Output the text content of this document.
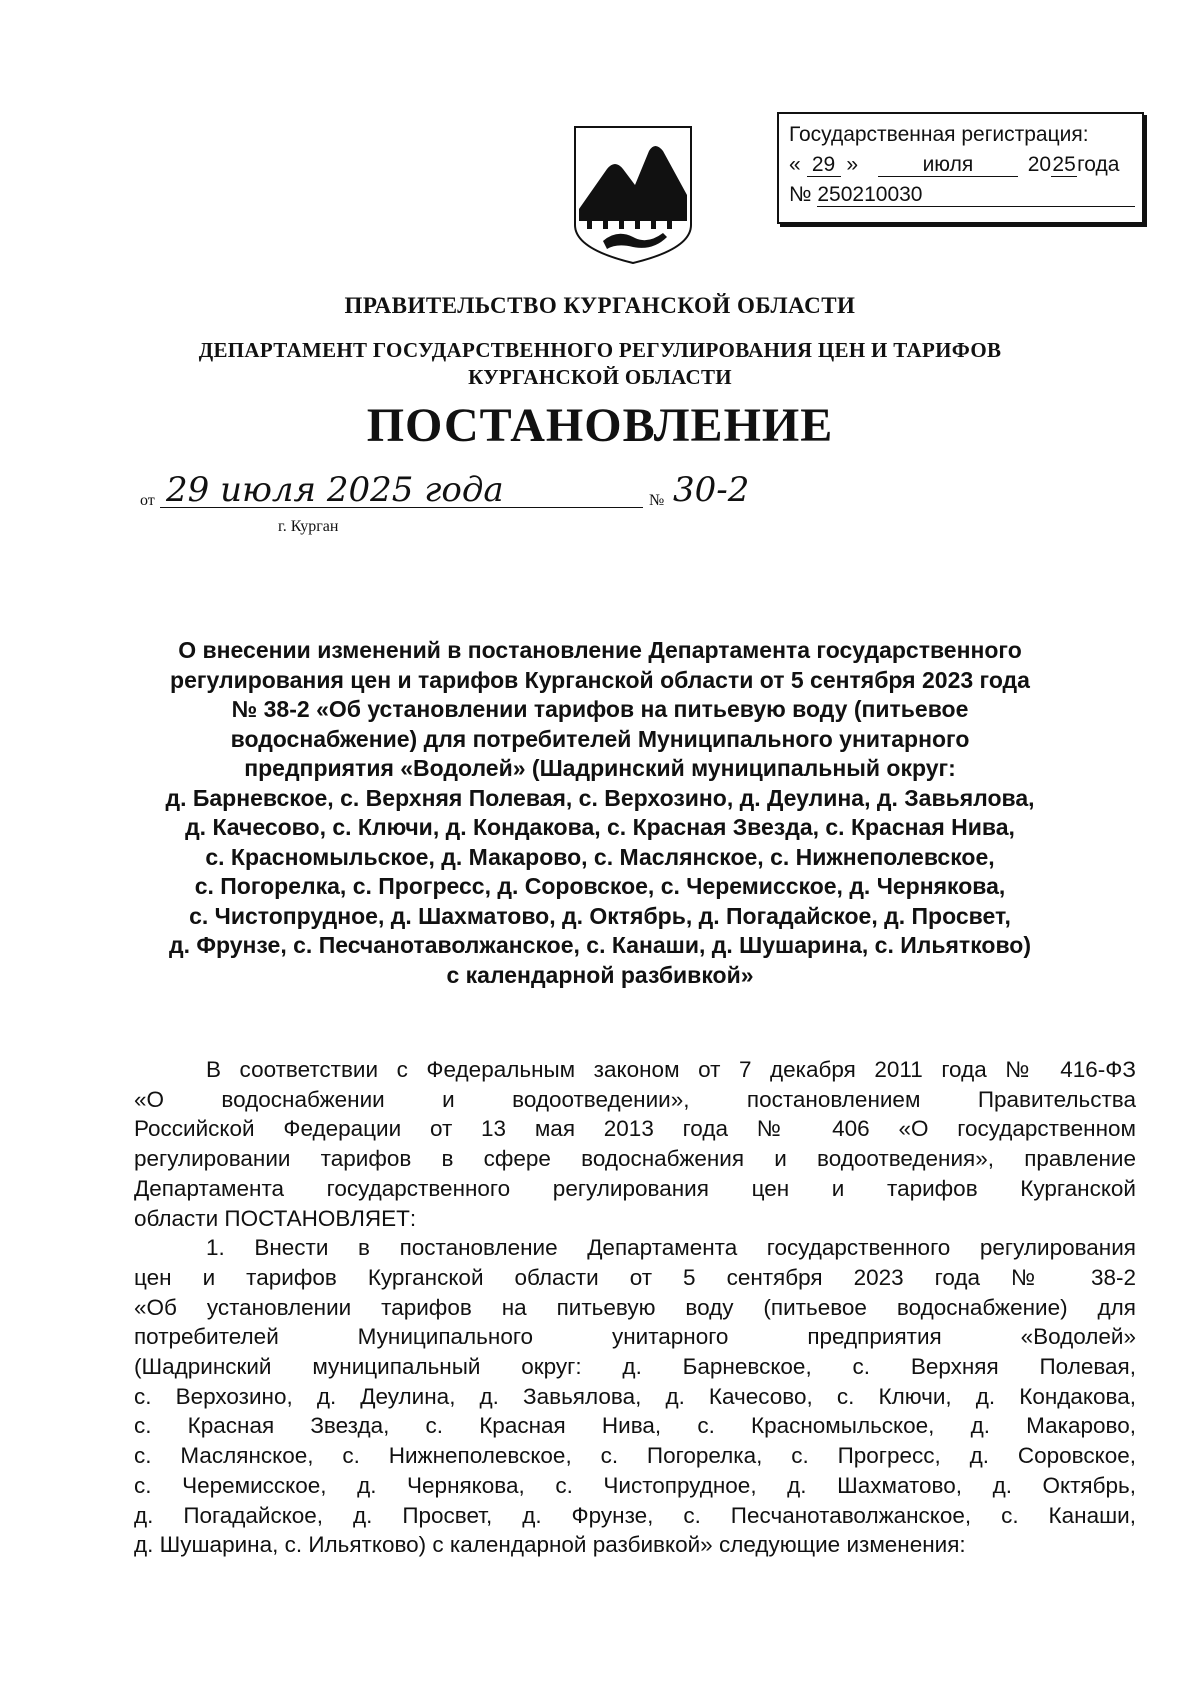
Государственная регистрация:
« 29 »	июля	2025года
№ 250210030
ПРАВИТЕЛЬСТВО КУРГАНСКОЙ ОБЛАСТИ
ДЕПАРТАМЕНТ ГОСУДАРСТВЕННОГО РЕГУЛИРОВАНИЯ ЦЕН И ТАРИФОВ
КУРГАНСКОЙ ОБЛАСТИ
ПОСТАНОВЛЕНИЕ
от 29 июля 2025 года	№ 30-2
г. Курган
О внесении изменений в постановление Департамента государственного
регулирования цен и тарифов Курганской области от 5 сентября 2023 года
№ 38-2 «Об установлении тарифов на питьевую воду (питьевое
водоснабжение) для потребителей Муниципального унитарного
предприятия «Водолей» (Шадринский муниципальный округ:
д. Барневское, с. Верхняя Полевая, с. Верхозино, д. Деулина, д. Завьялова,
д. Качесово, с. Ключи, д. Кондакова, с. Красная Звезда, с. Красная Нива,
с. Красномыльское, д. Макарово, с. Маслянское, с. Нижнеполевское,
с. Погорелка, с. Прогресс, д. Соровское, с. Черемисское, д. Чернякова,
с. Чистопрудное, д. Шахматово, д. Октябрь, д. Погадайское, д. Просвет,
д. Фрунзе, с. Песчанотаволжанское, с. Канаши, д. Шушарина, с. Ильятково)
с календарной разбивкой»
В соответствии с Федеральным законом от 7 декабря 2011 года № 416-ФЗ
«О водоснабжении и водоотведении», постановлением Правительства
Российской Федерации от 13 мая 2013 года № 406 «О государственном
регулировании тарифов в сфере водоснабжения и водоотведения», правление
Департамента государственного регулирования цен и тарифов Курганской
области ПОСТАНОВЛЯЕТ:
1. Внести в постановление Департамента государственного регулирования
цен и тарифов Курганской области от 5 сентября 2023 года № 38-2
«Об установлении тарифов на питьевую воду (питьевое водоснабжение) для
потребителей Муниципального унитарного предприятия «Водолей»
(Шадринский муниципальный округ: д. Барневское, с. Верхняя Полевая,
с. Верхозино, д. Деулина, д. Завьялова, д. Качесово, с. Ключи, д. Кондакова,
с. Красная Звезда, с. Красная Нива, с. Красномыльское, д. Макарово,
с. Маслянское, с. Нижнеполевское, с. Погорелка, с. Прогресс, д. Соровское,
с. Черемисское, д. Чернякова, с. Чистопрудное, д. Шахматово, д. Октябрь,
д. Погадайское, д. Просвет, д. Фрунзе, с. Песчанотаволжанское, с. Канаши,
д. Шушарина, с. Ильятково) с календарной разбивкой» следующие изменения:
